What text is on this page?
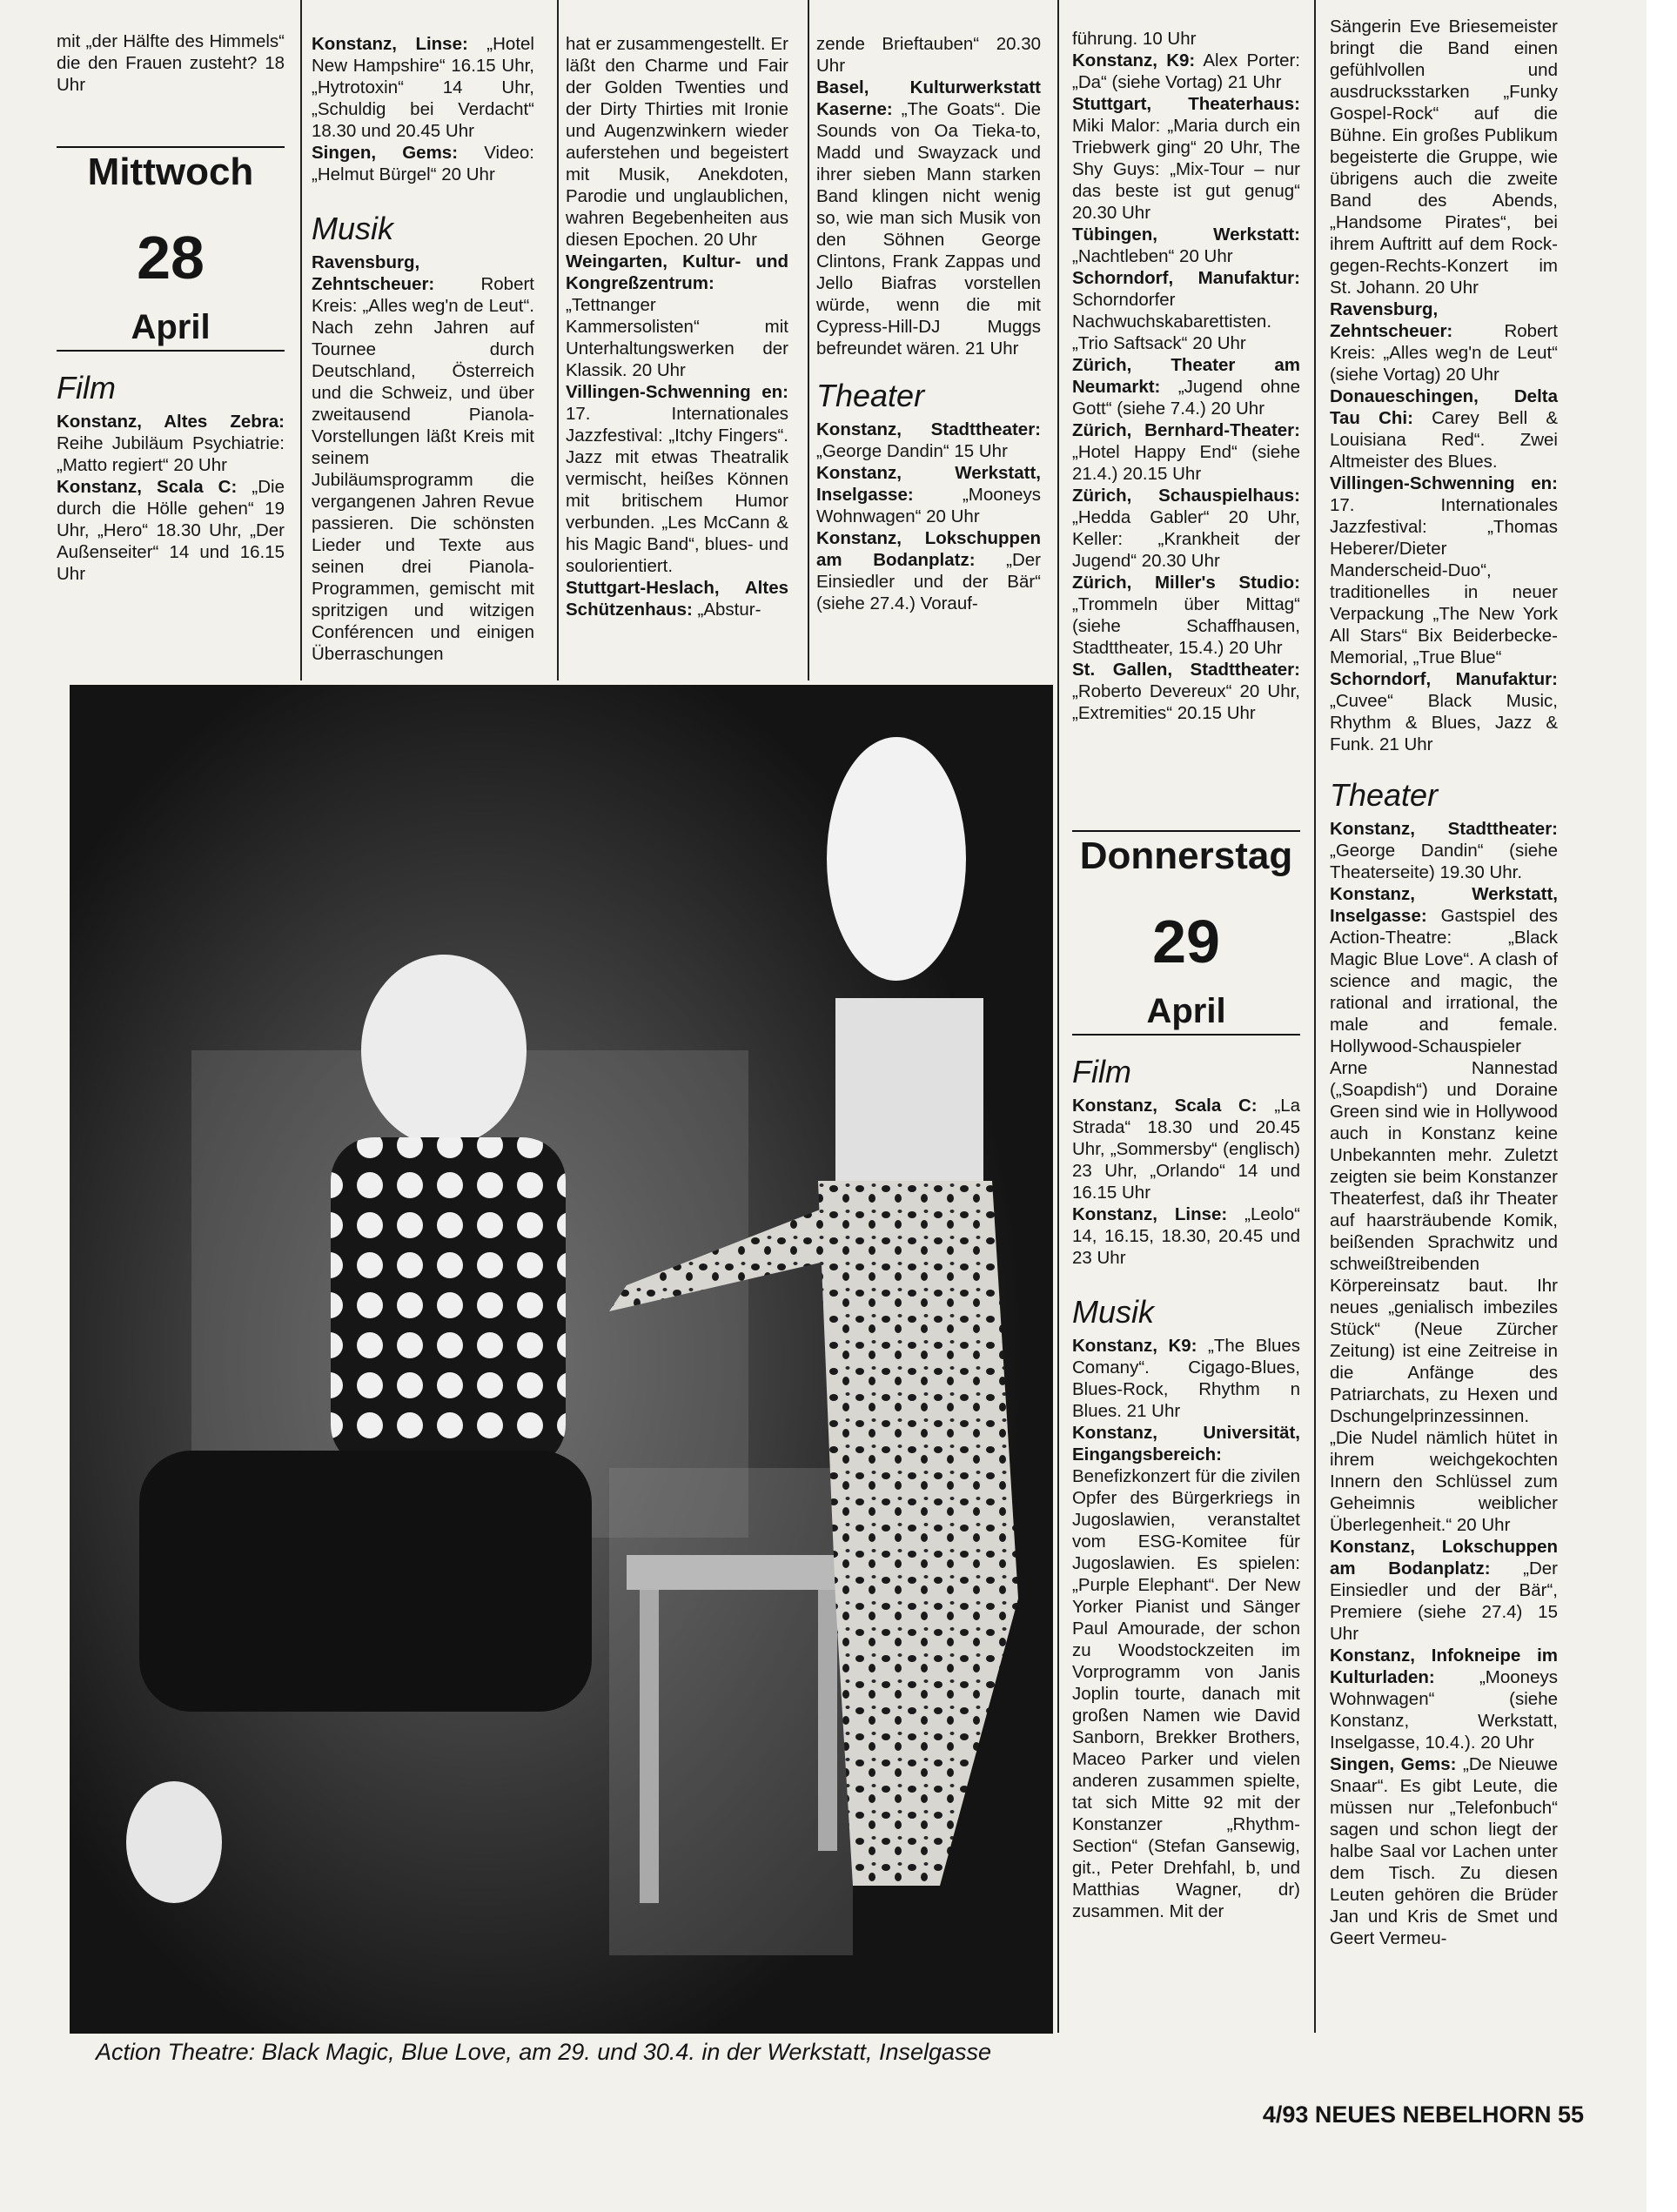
mit „der Hälfte des Himmels“ die den Frauen zusteht? 18 Uhr

Mittwoch
28
April
Film

Konstanz, Altes Zebra: Reihe Jubiläum Psychiatrie: „Matto regiert“ 20 Uhr

Konstanz, Scala C: „Die durch die Hölle gehen“ 19 Uhr, „Hero“ 18.30 Uhr, „Der Außenseiter“ 14 und 16.15 Uhr

Konstanz, Linse: „Hotel New Hampshire“ 16.15 Uhr, „Hytrotoxin“ 14 Uhr, „Schuldig bei Verdacht“ 18.30 und 20.45 Uhr

Singen, Gems: Video: „Helmut Bürgel“ 20 Uhr

Musik

Ravensburg, Zehntscheuer: Robert Kreis: „Alles weg'n de Leut“. Nach zehn Jahren auf Tournee durch Deutschland, Österreich und die Schweiz, und über zweitausend Pianola-Vorstellungen läßt Kreis mit seinem Jubiläumsprogramm die vergangenen Jahren Revue passieren. Die schönsten Lieder und Texte aus seinen drei Pianola-Programmen, gemischt mit spritzigen und witzigen Conférencen und einigen Überraschungen

hat er zusammengestellt. Er läßt den Charme und Fair der Golden Twenties und der Dirty Thirties mit Ironie und Augenzwinkern wieder auferstehen und begeistert mit Musik, Anekdoten, Parodie und unglaublichen, wahren Begebenheiten aus diesen Epochen. 20 Uhr

Weingarten, Kultur- und Kongreßzentrum: „Tettnanger Kammersolisten“ mit Unterhaltungswerken der Klassik. 20 Uhr

Villingen-Schwenning en: 17. Internationales Jazzfestival: „Itchy Fingers“. Jazz mit etwas Theatralik vermischt, heißes Können mit britischem Humor verbunden. „Les McCann & his Magic Band“, blues- und soulorientiert.

Stuttgart-Heslach, Altes Schützenhaus: „Abstur-

zende Brieftauben“ 20.30 Uhr

Basel, Kulturwerkstatt Kaserne: „The Goats“. Die Sounds von Oa Tieka-to, Madd und Swayzack und ihrer sieben Mann starken Band klingen nicht wenig so, wie man sich Musik von den Söhnen George Clintons, Frank Zappas und Jello Biafras vorstellen würde, wenn die mit Cypress-Hill-DJ Muggs befreundet wären. 21 Uhr

Theater

Konstanz, Stadttheater: „George Dandin“ 15 Uhr

Konstanz, Werkstatt, Inselgasse: „Mooneys Wohnwagen“ 20 Uhr

Konstanz, Lokschuppen am Bodanplatz: „Der Einsiedler und der Bär“ (siehe 27.4.) Vorauf-

führung. 10 Uhr

Konstanz, K9: Alex Porter: „Da“ (siehe Vortag) 21 Uhr

Stuttgart, Theaterhaus: Miki Malor: „Maria durch ein Triebwerk ging“ 20 Uhr, The Shy Guys: „Mix-Tour – nur das beste ist gut genug“ 20.30 Uhr

Tübingen, Werkstatt: „Nachtleben“ 20 Uhr

Schorndorf, Manufaktur: Schorndorfer Nachwuchskabarettisten. „Trio Saftsack“ 20 Uhr

Zürich, Theater am Neumarkt: „Jugend ohne Gott“ (siehe 7.4.) 20 Uhr

Zürich, Bernhard-Theater: „Hotel Happy End“ (siehe 21.4.) 20.15 Uhr

Zürich, Schauspielhaus: „Hedda Gabler“ 20 Uhr, Keller: „Krankheit der Jugend“ 20.30 Uhr

Zürich, Miller's Studio: „Trommeln über Mittag“ (siehe Schaffhausen, Stadttheater, 15.4.) 20 Uhr

St. Gallen, Stadttheater: „Roberto Devereux“ 20 Uhr, „Extremities“ 20.15 Uhr

Donnerstag
29
April
Film

Konstanz, Scala C: „La Strada“ 18.30 und 20.45 Uhr, „Sommersby“ (englisch) 23 Uhr, „Orlando“ 14 und 16.15 Uhr

Konstanz, Linse: „Leolo“ 14, 16.15, 18.30, 20.45 und 23 Uhr

Musik

Konstanz, K9: „The Blues Comany“. Cigago-Blues, Blues-Rock, Rhythm n Blues. 21 Uhr

Konstanz, Universität, Eingangsbereich: Benefizkonzert für die zivilen Opfer des Bürgerkriegs in Jugoslawien, veranstaltet vom ESG-Komitee für Jugoslawien. Es spielen: „Purple Elephant“. Der New Yorker Pianist und Sänger Paul Amourade, der schon zu Woodstockzeiten im Vorprogramm von Janis Joplin tourte, danach mit großen Namen wie David Sanborn, Brekker Brothers, Maceo Parker und vielen anderen zusammen spielte, tat sich Mitte 92 mit der Konstanzer „Rhythm-Section“ (Stefan Gansewig, git., Peter Drehfahl, b, und Matthias Wagner, dr) zusammen. Mit der

Sängerin Eve Briesemeister bringt die Band einen gefühlvollen und ausdrucksstarken „Funky Gospel-Rock“ auf die Bühne. Ein großes Publikum begeisterte die Gruppe, wie übrigens auch die zweite Band des Abends, „Handsome Pirates“, bei ihrem Auftritt auf dem Rock-gegen-Rechts-Konzert im St. Johann. 20 Uhr

Ravensburg, Zehntscheuer: Robert Kreis: „Alles weg'n de Leut“ (siehe Vortag) 20 Uhr

Donaueschingen, Delta Tau Chi: Carey Bell & Louisiana Red“. Zwei Altmeister des Blues.

Villingen-Schwenning en: 17. Internationales Jazzfestival: „Thomas Heberer/Dieter Manderscheid-Duo“, traditionelles in neuer Verpackung „The New York All Stars“ Bix Beiderbecke-Memorial, „True Blue“

Schorndorf, Manufaktur: „Cuvee“ Black Music, Rhythm & Blues, Jazz & Funk. 21 Uhr

Theater

Konstanz, Stadttheater: „George Dandin“ (siehe Theaterseite) 19.30 Uhr.

Konstanz, Werkstatt, Inselgasse: Gastspiel des Action-Theatre: „Black Magic Blue Love“. A clash of science and magic, the rational and irrational, the male and female. Hollywood-Schauspieler Arne Nannestad („Soapdish“) und Doraine Green sind wie in Hollywood auch in Konstanz keine Unbekannten mehr. Zuletzt zeigten sie beim Konstanzer Theaterfest, daß ihr Theater auf haarsträubende Komik, beißenden Sprachwitz und schweißtreibenden Körpereinsatz baut. Ihr neues „genialisch imbeziles Stück“ (Neue Zürcher Zeitung) ist eine Zeitreise in die Anfänge des Patriarchats, zu Hexen und Dschungelprinzessinnen. „Die Nudel nämlich hütet in ihrem weichgekochten Innern den Schlüssel zum Geheimnis weiblicher Überlegenheit.“ 20 Uhr

Konstanz, Lokschuppen am Bodanplatz: „Der Einsiedler und der Bär“, Premiere (siehe 27.4) 15 Uhr

Konstanz, Infokneipe im Kulturladen: „Mooneys Wohnwagen“ (siehe Konstanz, Werkstatt, Inselgasse, 10.4.). 20 Uhr

Singen, Gems: „De Nieuwe Snaar“. Es gibt Leute, die müssen nur „Telefonbuch“ sagen und schon liegt der halbe Saal vor Lachen unter dem Tisch. Zu diesen Leuten gehören die Brüder Jan und Kris de Smet und Geert Vermeu-

Action Theatre: Black Magic, Blue Love, am 29. und 30.4. in der Werkstatt, Inselgasse
4/93 NEUES NEBELHORN 55
